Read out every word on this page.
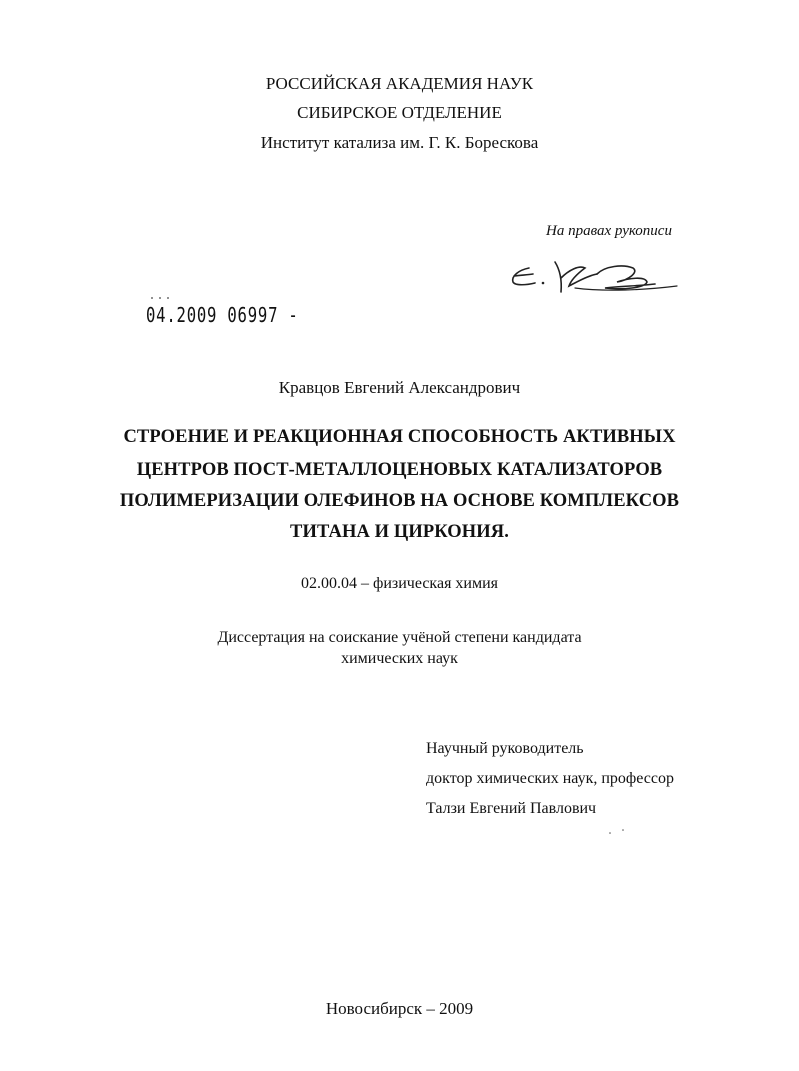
РОССИЙСКАЯ АКАДЕМИЯ НАУК
СИБИРСКОЕ ОТДЕЛЕНИЕ
Институт катализа им. Г. К. Борескова
На правах рукописи
04.2009 06997 -
Кравцов Евгений Александрович
СТРОЕНИЕ И РЕАКЦИОННАЯ СПОСОБНОСТЬ АКТИВНЫХ
ЦЕНТРОВ ПОСТ-МЕТАЛЛОЦЕНОВЫХ КАТАЛИЗАТОРОВ
ПОЛИМЕРИЗАЦИИ ОЛЕФИНОВ НА ОСНОВЕ КОМПЛЕКСОВ
ТИТАНА И ЦИРКОНИЯ.
02.00.04 – физическая химия
Диссертация на соискание учёной степени кандидата
химических наук
Научный руководитель
доктор химических наук, профессор
Талзи Евгений Павлович
Новосибирск – 2009
